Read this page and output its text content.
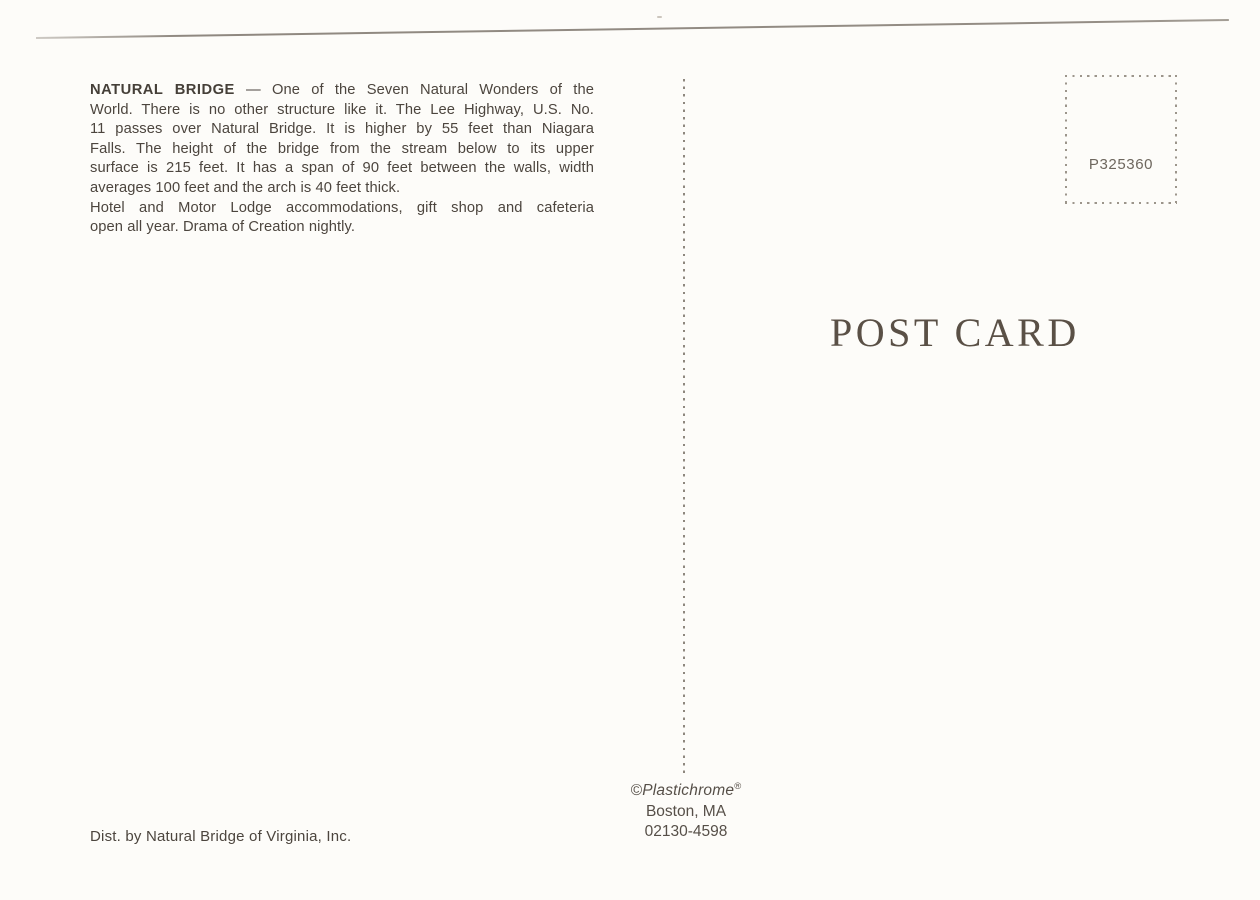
NATURAL BRIDGE — One of the Seven Natural Wonders of the
World. There is no other structure like it. The Lee Highway, U.S. No.
11 passes over Natural Bridge. It is higher by 55 feet than Niagara
Falls. The height of the bridge from the stream below to its upper
surface is 215 feet. It has a span of 90 feet between the walls, width
averages 100 feet and the arch is 40 feet thick.
Hotel and Motor Lodge accommodations, gift shop and cafeteria
open all year. Drama of Creation nightly.
P325360
POST CARD
©Plastichrome®
Boston, MA
02130-4598
Dist. by Natural Bridge of Virginia, Inc.
